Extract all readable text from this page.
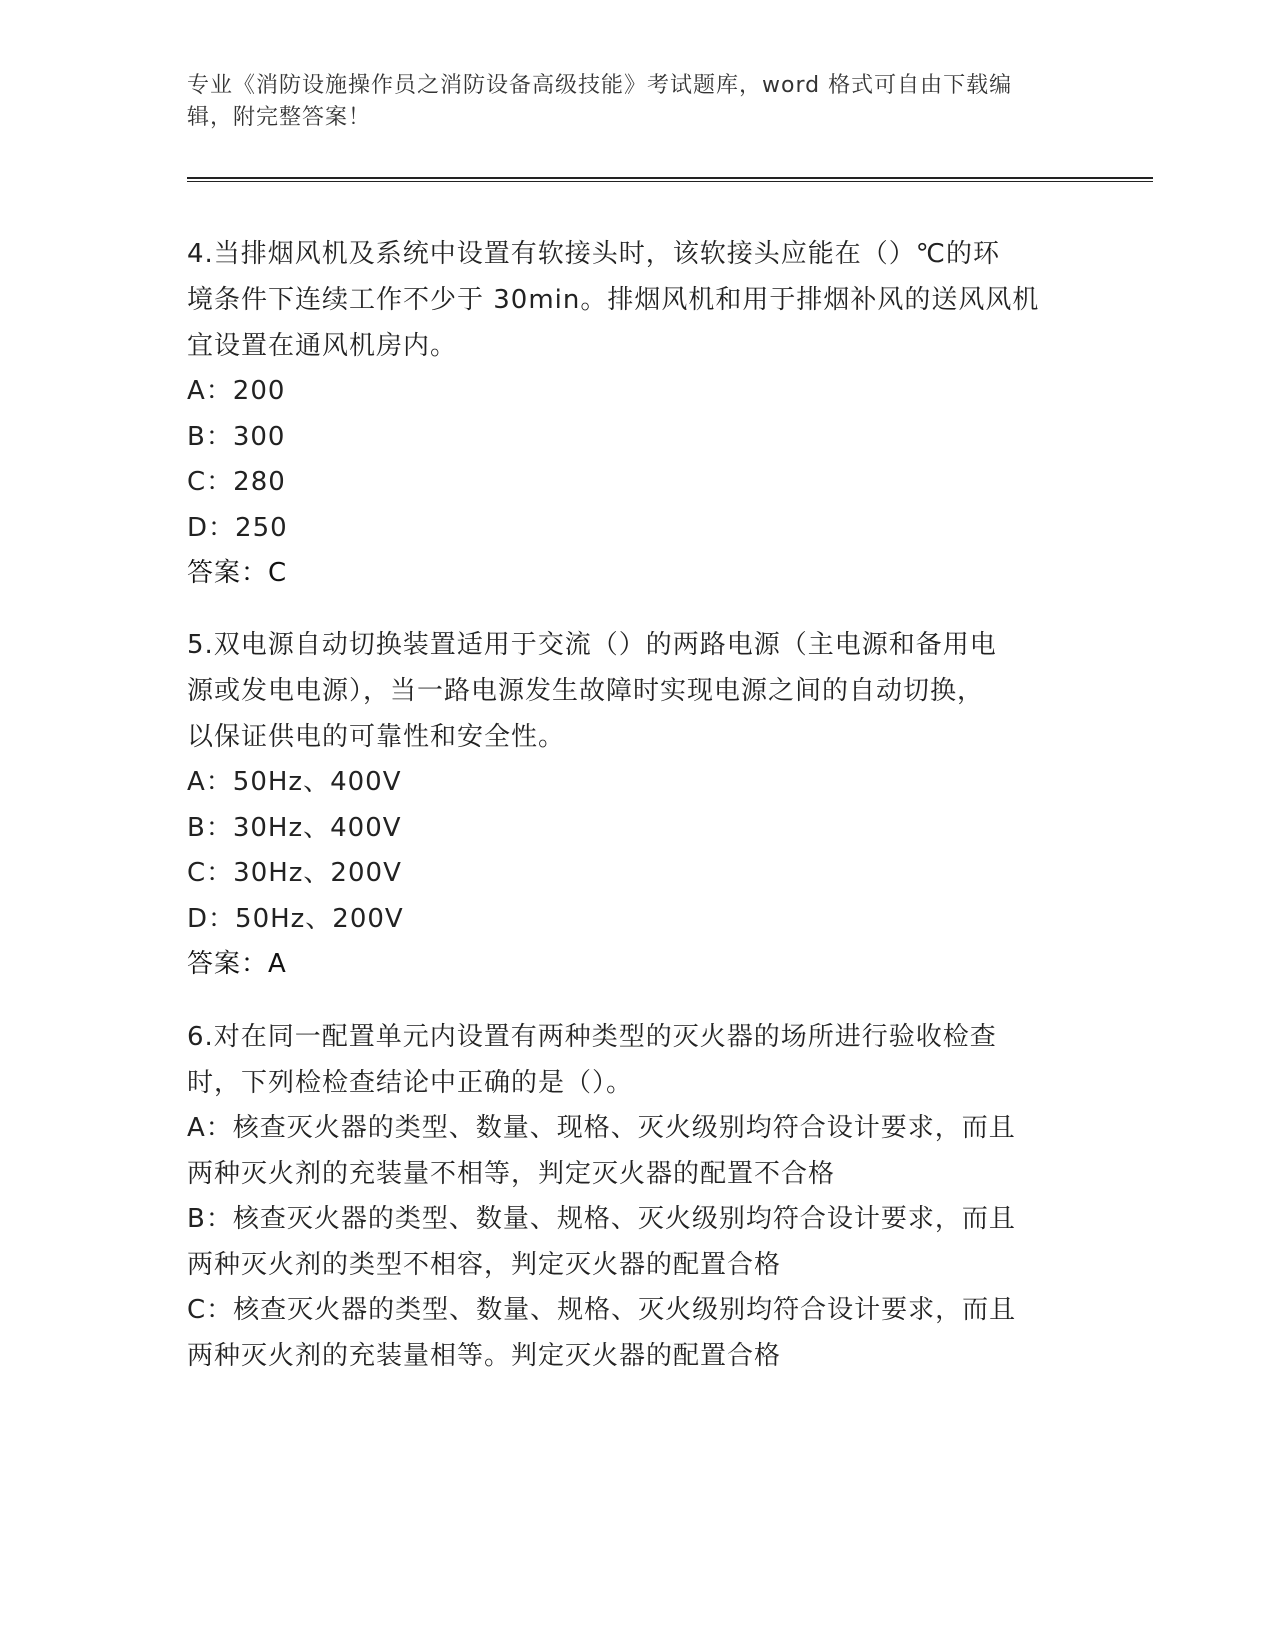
专业《消防设施操作员之消防设备高级技能》考试题库，word 格式可自由下载编
辑，附完整答案！
4.当排烟风机及系统中设置有软接头时，该软接头应能在（）℃的环
境条件下连续工作不少于 30min。排烟风机和用于排烟补风的送风风机
宜设置在通风机房内。
A：200
B：300
C：280
D：250
答案：C
5.双电源自动切换装置适用于交流（）的两路电源（主电源和备用电
源或发电电源），当一路电源发生故障时实现电源之间的自动切换，
以保证供电的可靠性和安全性。
A：50Hz、400V
B：30Hz、400V
C：30Hz、200V
D：50Hz、200V
答案：A
6.对在同一配置单元内设置有两种类型的灭火器的场所进行验收检查
时，下列检检查结论中正确的是（）。
A：核查灭火器的类型、数量、现格、灭火级别均符合设计要求，而且
两种灭火剂的充装量不相等，判定灭火器的配置不合格
B：核查灭火器的类型、数量、规格、灭火级别均符合设计要求，而且
两种灭火剂的类型不相容，判定灭火器的配置合格
C：核查灭火器的类型、数量、规格、灭火级别均符合设计要求，而且
两种灭火剂的充装量相等。判定灭火器的配置合格
